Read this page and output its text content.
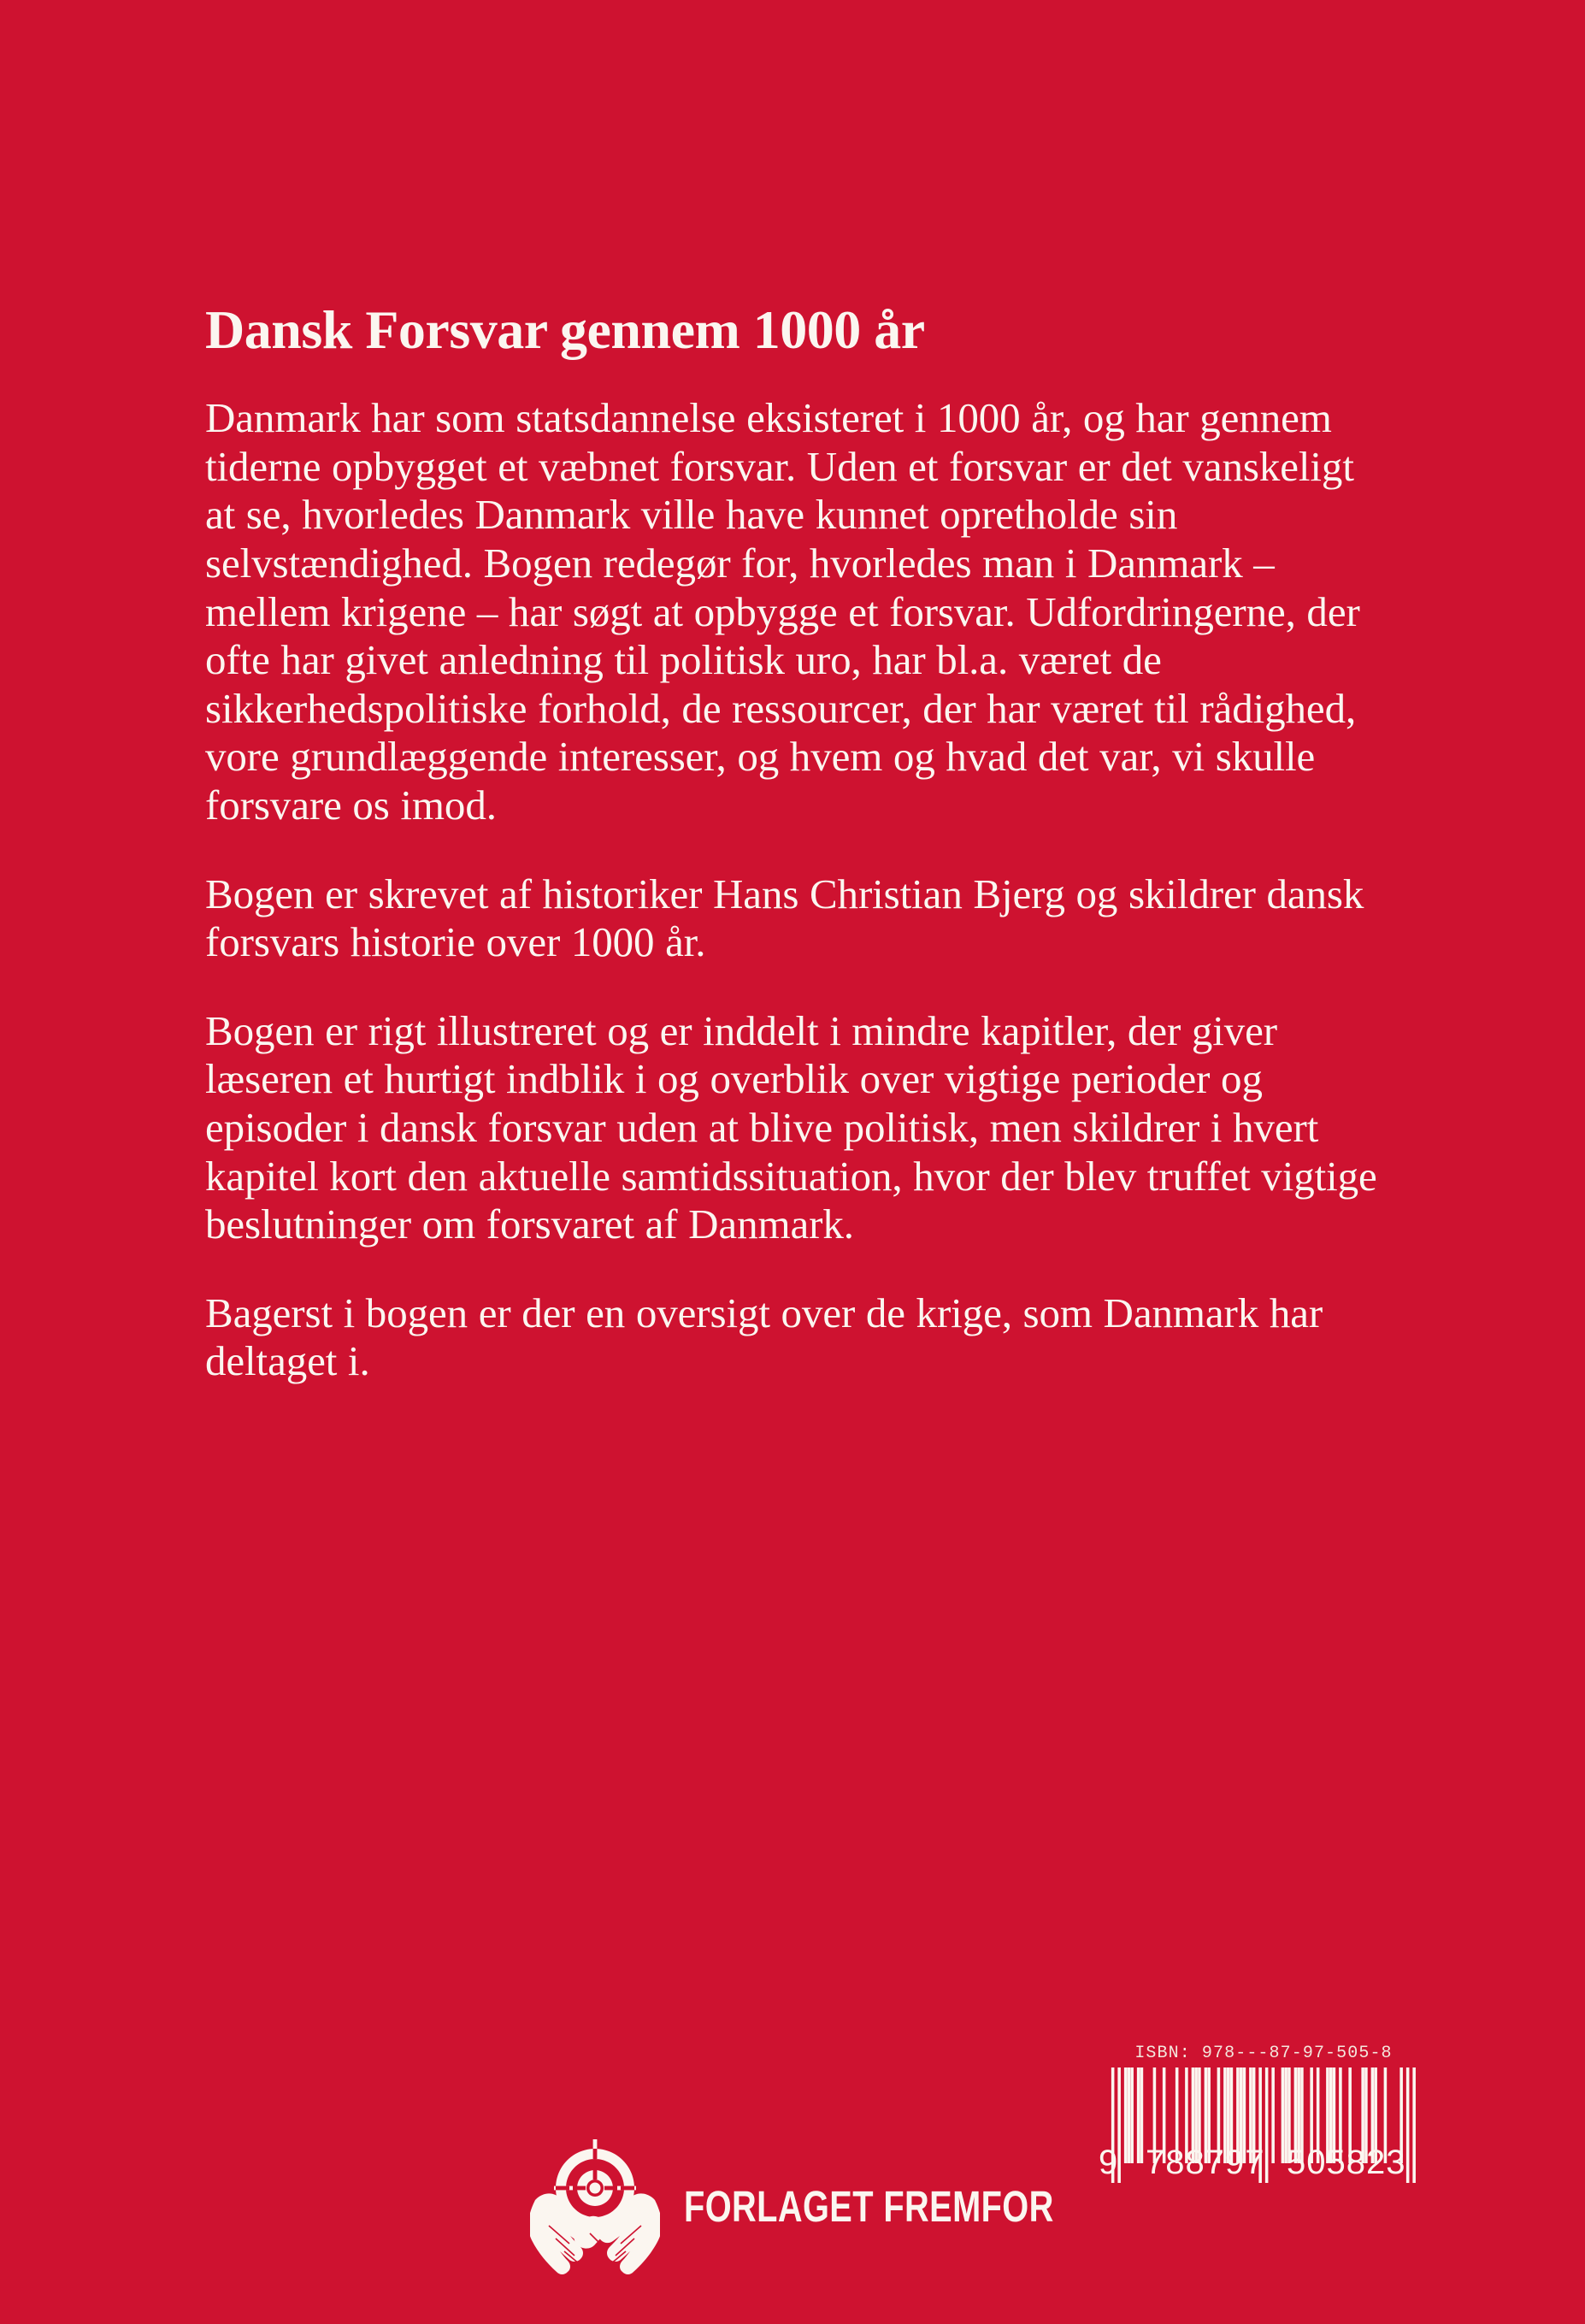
Dansk Forsvar gennem 1000 år

Danmark har som statsdannelse eksisteret i 1000 år, og har gennem tiderne opbygget et væbnet forsvar. Uden et forsvar er det vanskeligt at se, hvorledes Danmark ville have kunnet opretholde sin selvstændighed. Bogen redegør for, hvorledes man i Danmark – mellem krigene – har søgt at opbygge et forsvar. Udfordringerne, der ofte har givet anledning til politisk uro, har bl.a. været de sikkerhedspolitiske forhold, de ressourcer, der har været til rådighed, vore grundlæggende interesser, og hvem og hvad det var, vi skulle forsvare os imod.

Bogen er skrevet af historiker Hans Christian Bjerg og skildrer dansk forsvars historie over 1000 år.

Bogen er rigt illustreret og er inddelt i mindre kapitler, der giver læseren et hurtigt indblik i og overblik over vigtige perioder og episoder i dansk forsvar uden at blive politisk, men skildrer i hvert kapitel kort den aktuelle samtidssituation, hvor der blev truffet vigtige beslutninger om forsvaret af Danmark.

Bagerst i bogen er der en oversigt over de krige, som Danmark har deltaget i.

FORLAGET FREMFOR
ISBN: 978---87-97-505-8
9 788797 505823
